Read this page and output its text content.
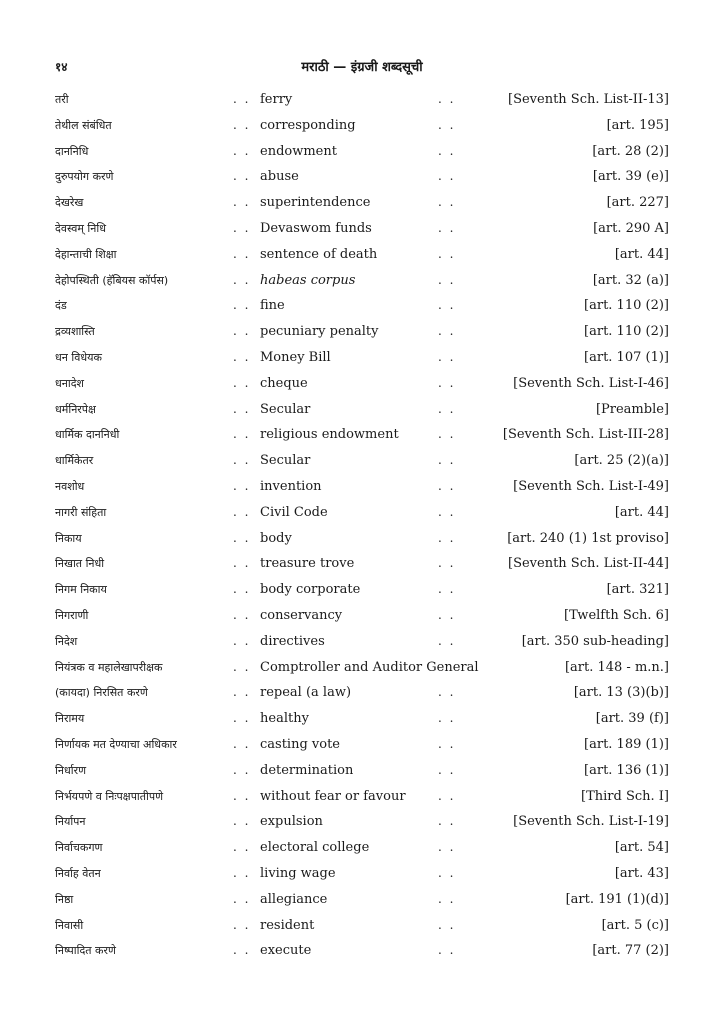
१४	मराठी — इंग्रजी शब्दसूची
तरी	. . ferry	. .	[Seventh Sch. List-II-13]
तेथील संबंधित	. . corresponding	. .	[art. 195]
दाननिधि	. . endowment	. .	[art. 28 (2)]
दुरुपयोग करणे	. . abuse	. .	[art. 39 (e)]
देखरेख	. . superintendence	. .	[art. 227]
देवस्वम् निधि	. . Devaswom funds	. .	[art. 290 A]
देहान्ताची शिक्षा	. . sentence of death	. .	[art. 44]
देहोपस्थिती (हॅबियस कॉर्पस)	. . habeas corpus	. .	[art. 32 (a)]
दंड	. . fine	. .	[art. 110 (2)]
द्रव्यशास्ति	. . pecuniary penalty	. .	[art. 110 (2)]
धन विधेयक	. . Money Bill	. .	[art. 107 (1)]
धनादेश	. . cheque	. .	[Seventh Sch. List-I-46]
धर्मनिरपेक्ष	. . Secular	. .	[Preamble]
धार्मिक दाननिधी	. . religious endowment	. .	[Seventh Sch. List-III-28]
धार्मिकेतर	. . Secular	. .	[art. 25 (2)(a)]
नवशोध	. . invention	. .	[Seventh Sch. List-I-49]
नागरी संहिता	. . Civil Code	. .	[art. 44]
निकाय	. . body	. .	[art. 240 (1) 1st proviso]
निखात निधी	. . treasure trove	. .	[Seventh Sch. List-II-44]
निगम निकाय	. . body corporate	. .	[art. 321]
निगराणी	. . conservancy	. .	[Twelfth Sch. 6]
निदेश	. . directives	. .	[art. 350 sub-heading]
नियंत्रक व महालेखापरीक्षक	. . Comptroller and Auditor General	[art. 148 - m.n.]
(कायदा) निरसित करणे	. . repeal (a law)	. .	[art. 13 (3)(b)]
निरामय	. . healthy	. .	[art. 39 (f)]
निर्णायक मत देण्याचा अधिकार	. . casting vote	. .	[art. 189 (1)]
निर्धारण	. . determination	. .	[art. 136 (1)]
निर्भयपणे व निःपक्षपातीपणे	. . without fear or favour	. .	[Third Sch. I]
निर्यापन	. . expulsion	. .	[Seventh Sch. List-I-19]
निर्वाचकगण	. . electoral college	. .	[art. 54]
निर्वाह वेतन	. . living wage	. .	[art. 43]
निष्ठा	. . allegiance	. .	[art. 191 (1)(d)]
निवासी	. . resident	. .	[art. 5 (c)]
निष्पादित करणे	. . execute	. .	[art. 77 (2)]
